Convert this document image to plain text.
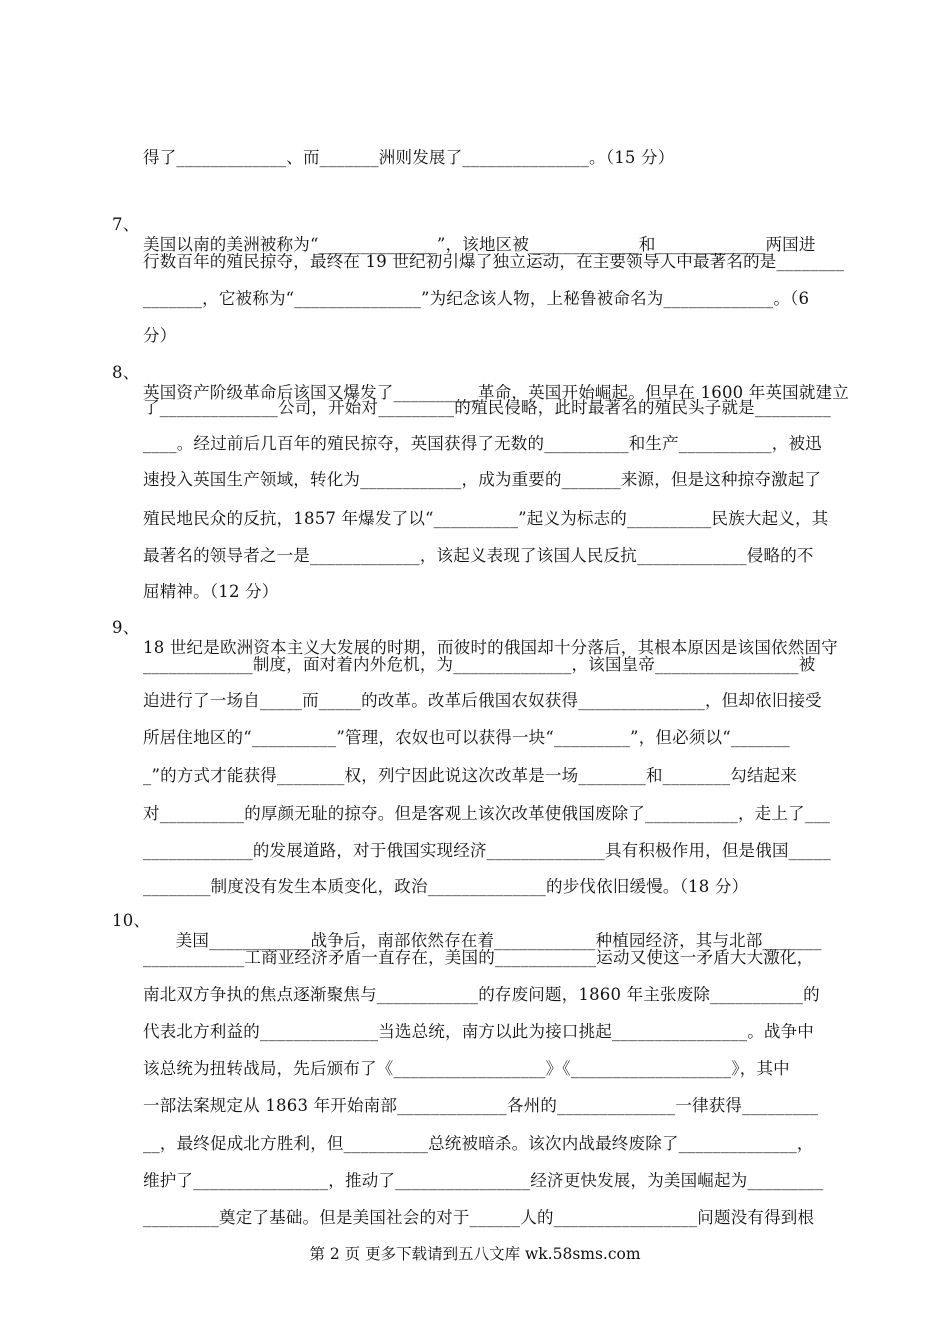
得了_____________、而_______洲则发展了_______________。（15 分）

7、

美国以南的美洲被称为“______________”，该地区被_____________和_____________两国进

行数百年的殖民掠夺，最终在 19 世纪初引爆了独立运动，在主要领导人中最著名的是________

_______，它被称为“_______________”为纪念该人物，上秘鲁被命名为_____________。（6

分）

8、

英国资产阶级革命后该国又爆发了__________革命，英国开始崛起。但早在 1600 年英国就建立

了______________公司，开始对_________的殖民侵略，此时最著名的殖民头子就是_________

____。经过前后几百年的殖民掠夺，英国获得了无数的__________和生产___________，被迅

速投入英国生产领域，转化为____________，成为重要的_______来源，但是这种掠夺激起了

殖民地民众的反抗，1857 年爆发了以“__________”起义为标志的__________民族大起义，其

最著名的领导者之一是_____________，该起义表现了该国人民反抗_____________侵略的不

屈精神。（12 分）

9、

18 世纪是欧洲资本主义大发展的时期，而彼时的俄国却十分落后，其根本原因是该国依然固守

_____________制度，面对着内外危机，为______________，该国皇帝_________________被

迫进行了一场自_____而_____的改革。改革后俄国农奴获得_______________，但却依旧接受

所居住地区的“__________”管理，农奴也可以获得一块“_________”，但必须以“_______

_”的方式才能获得________权，列宁因此说这次改革是一场________和________勾结起来

对__________的厚颜无耻的掠夺。但是客观上该次改革使俄国废除了___________，走上了___

_____________的发展道路，对于俄国实现经济______________具有积极作用，但是俄国_____

________制度没有发生本质变化，政治______________的步伐依旧缓慢。（18 分）

10、

美国____________战争后，南部依然存在着____________种植园经济，其与北部_______

____________工商业经济矛盾一直存在，美国的____________运动又使这一矛盾大大激化，

南北双方争执的焦点逐渐聚焦与____________的存废问题，1860 年主张废除___________的

代表北方利益的______________当选总统，南方以此为接口挑起________________。战争中

该总统为扭转战局，先后颁布了《__________________》《___________________》，其中

一部法案规定从 1863 年开始南部_____________各州的______________一律获得_________

__，最终促成北方胜利，但__________总统被暗杀。该次内战最终废除了______________，

维护了________________，推动了________________经济更快发展，为美国崛起为_________

_________奠定了基础。但是美国社会的对于______人的_________________问题没有得到根

第 2 页 更多下载请到五八文库 wk.58sms.com
